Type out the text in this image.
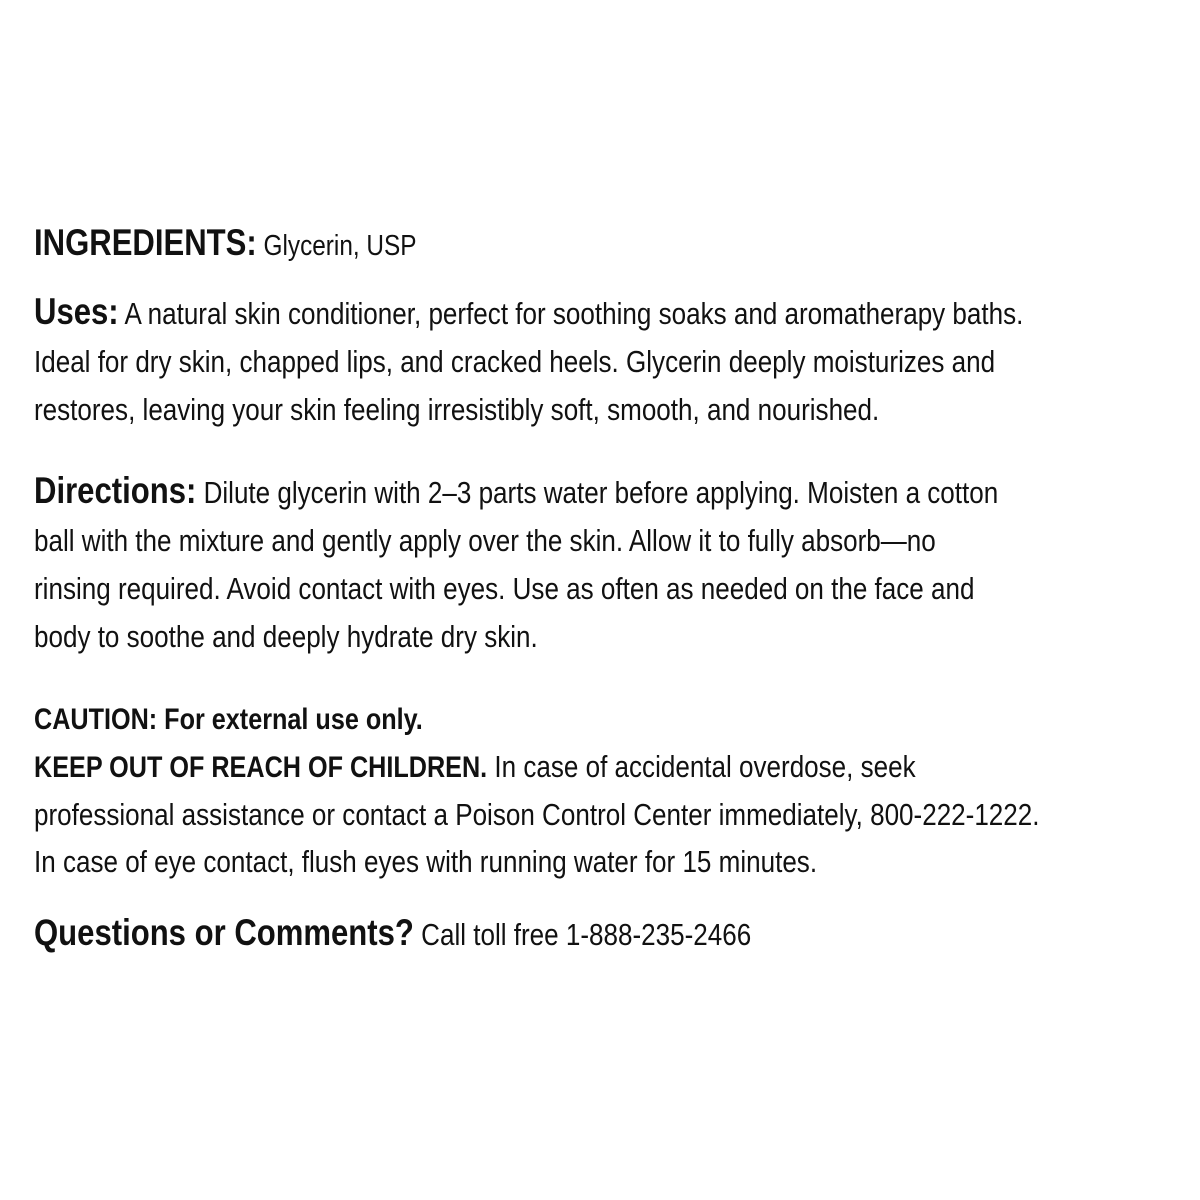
INGREDIENTS: Glycerin, USP
Uses: A natural skin conditioner, perfect for soothing soaks and aromatherapy baths.
Ideal for dry skin, chapped lips, and cracked heels. Glycerin deeply moisturizes and
restores, leaving your skin feeling irresistibly soft, smooth, and nourished.
Directions: Dilute glycerin with 2–3 parts water before applying. Moisten a cotton
ball with the mixture and gently apply over the skin. Allow it to fully absorb—no
rinsing required. Avoid contact with eyes. Use as often as needed on the face and
body to soothe and deeply hydrate dry skin.
CAUTION: For external use only.
KEEP OUT OF REACH OF CHILDREN. In case of accidental overdose, seek
professional assistance or contact a Poison Control Center immediately, 800-222-1222.
In case of eye contact, flush eyes with running water for 15 minutes.
Questions or Comments? Call toll free 1-888-235-2466
